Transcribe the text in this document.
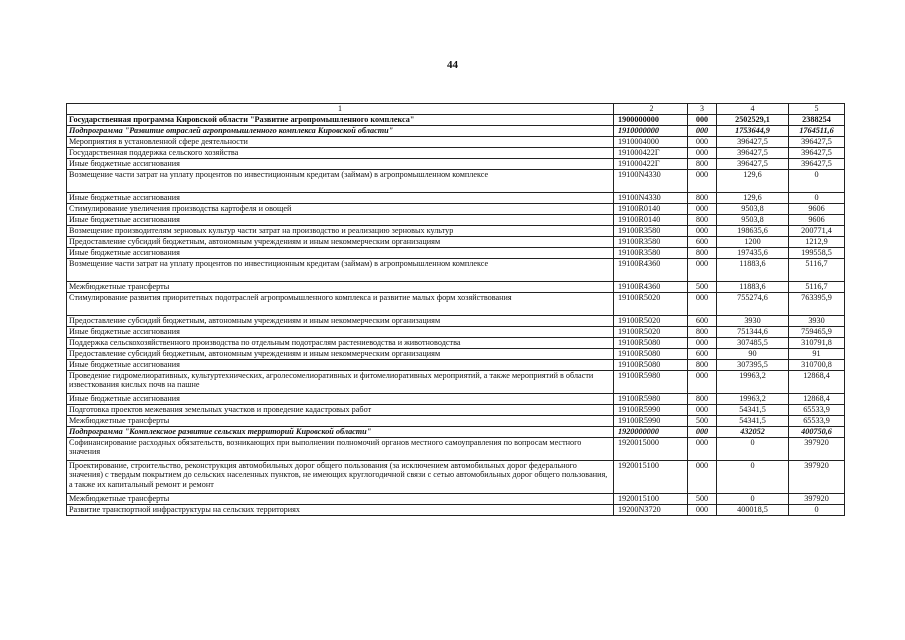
44
1	2	3	4	5
Государственная программа Кировской области "Развитие агропромышленного комплекса"	1900000000	000	2502529,1	2388254
Подпрограмма "Развитие отраслей агропромышленного комплекса Кировской области"	1910000000	000	1753644,9	1764511,6
Мероприятия в установленной сфере деятельности	1910004000	000	396427,5	396427,5
Государственная поддержка сельского хозяйства	191000422Г	000	396427,5	396427,5
Иные бюджетные ассигнования	191000422Г	800	396427,5	396427,5
Возмещение части затрат на уплату процентов по инвестиционным кредитам (займам) в агропромышленном комплексе	19100N4330	000	129,6	0
Иные бюджетные ассигнования	19100N4330	800	129,6	0
Стимулирование увеличения производства картофеля и овощей	19100R0140	000	9503,8	9606
Иные бюджетные ассигнования	19100R0140	800	9503,8	9606
Возмещение производителям зерновых культур части затрат на производство и реализацию зерновых культур	19100R3580	000	198635,6	200771,4
Предоставление субсидий бюджетным, автономным учреждениям и иным некоммерческим организациям	19100R3580	600	1200	1212,9
Иные бюджетные ассигнования	19100R3580	800	197435,6	199558,5
Возмещение части затрат на уплату процентов по инвестиционным кредитам (займам) в агропромышленном комплексе	19100R4360	000	11883,6	5116,7
Межбюджетные трансферты	19100R4360	500	11883,6	5116,7
Стимулирование развития приоритетных подотраслей агропромышленного комплекса и развитие малых форм хозяйствования	19100R5020	000	755274,6	763395,9
Предоставление субсидий бюджетным, автономным учреждениям и иным некоммерческим организациям	19100R5020	600	3930	3930
Иные бюджетные ассигнования	19100R5020	800	751344,6	759465,9
Поддержка сельскохозяйственного производства по отдельным подотраслям растениеводства и животноводства	19100R5080	000	307485,5	310791,8
Предоставление субсидий бюджетным, автономным учреждениям и иным некоммерческим организациям	19100R5080	600	90	91
Иные бюджетные ассигнования	19100R5080	800	307395,5	310700,8
Проведение гидромелиоративных, культуртехнических, агролесомелиоративных и фитомелиоративных мероприятий, а также мероприятий в области известкования кислых почв на пашне	19100R5980	000	19963,2	12868,4
Иные бюджетные ассигнования	19100R5980	800	19963,2	12868,4
Подготовка проектов межевания земельных участков и проведение кадастровых работ	19100R5990	000	54341,5	65533,9
Межбюджетные трансферты	19100R5990	500	54341,5	65533,9
Подпрограмма "Комплексное развитие сельских территорий Кировской области"	1920000000	000	432052	400750,6
Софинансирование расходных обязательств, возникающих при выполнении полномочий органов местного самоуправления по вопросам местного значения	1920015000	000	0	397920
Проектирование, строительство, реконструкция автомобильных дорог общего пользования (за исключением автомобильных дорог федерального значения) с твердым покрытием до сельских населенных пунктов, не имеющих круглогодичной связи с сетью автомобильных дорог общего пользования, а также их капитальный ремонт и ремонт	1920015100	000	0	397920
Межбюджетные трансферты	1920015100	500	0	397920
Развитие транспортной инфраструктуры на сельских территориях	19200N3720	000	400018,5	0
